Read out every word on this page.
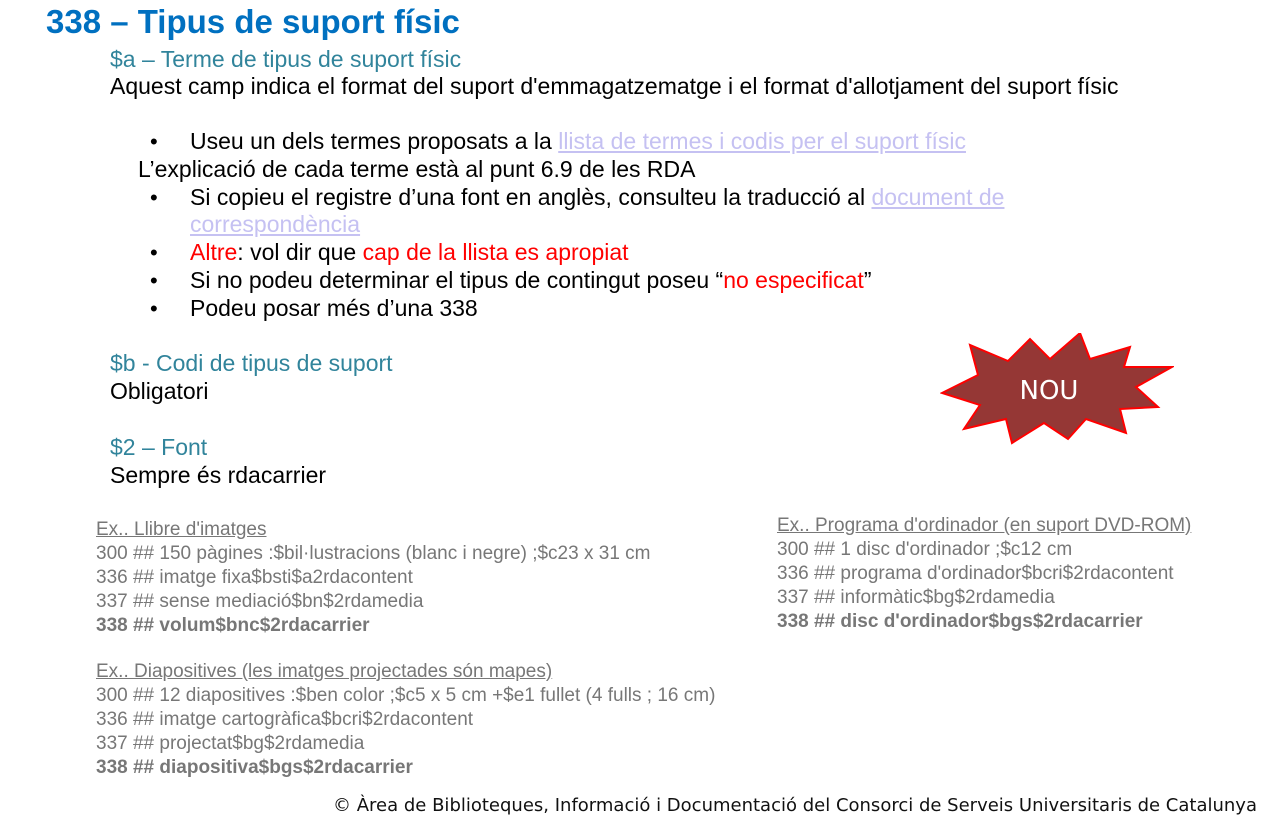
338 – Tipus de suport físic
$a – Terme de tipus de suport físic
Aquest camp indica el format del suport d'emmagatzematge i el format d'allotjament del suport físic
• Useu un dels termes proposats a la llista de termes i codis per el suport físic
L’explicació de cada terme està al punt 6.9 de les RDA
• Si copieu el registre d’una font en anglès, consulteu la traducció al document de
correspondència
• Altre: vol dir que cap de la llista es apropiat
• Si no podeu determinar el tipus de contingut poseu “no especificat”
• Podeu posar més d’una 338
$b - Codi de tipus de suport
Obligatori
$2 – Font
Sempre és rdacarrier
NOU
Ex.. Llibre d'imatges
300 ## 150 pàgines :$bil·lustracions (blanc i negre) ;$c23 x 31 cm
336 ## imatge fixa$bsti$a2rdacontent
337 ## sense mediació$bn$2rdamedia
338 ## volum$bnc$2rdacarrier
Ex.. Diapositives (les imatges projectades són mapes)
300 ## 12 diapositives :$ben color ;$c5 x 5 cm +$e1 fullet (4 fulls ; 16 cm)
336 ## imatge cartogràfica$bcri$2rdacontent
337 ## projectat$bg$2rdamedia
338 ## diapositiva$bgs$2rdacarrier
Ex.. Programa d'ordinador (en suport DVD-ROM)
300 ## 1 disc d'ordinador ;$c12 cm
336 ## programa d'ordinador$bcri$2rdacontent
337 ## informàtic$bg$2rdamedia
338 ## disc d'ordinador$bgs$2rdacarrier
© Àrea de Biblioteques, Informació i Documentació del Consorci de Serveis Universitaris de Catalunya
